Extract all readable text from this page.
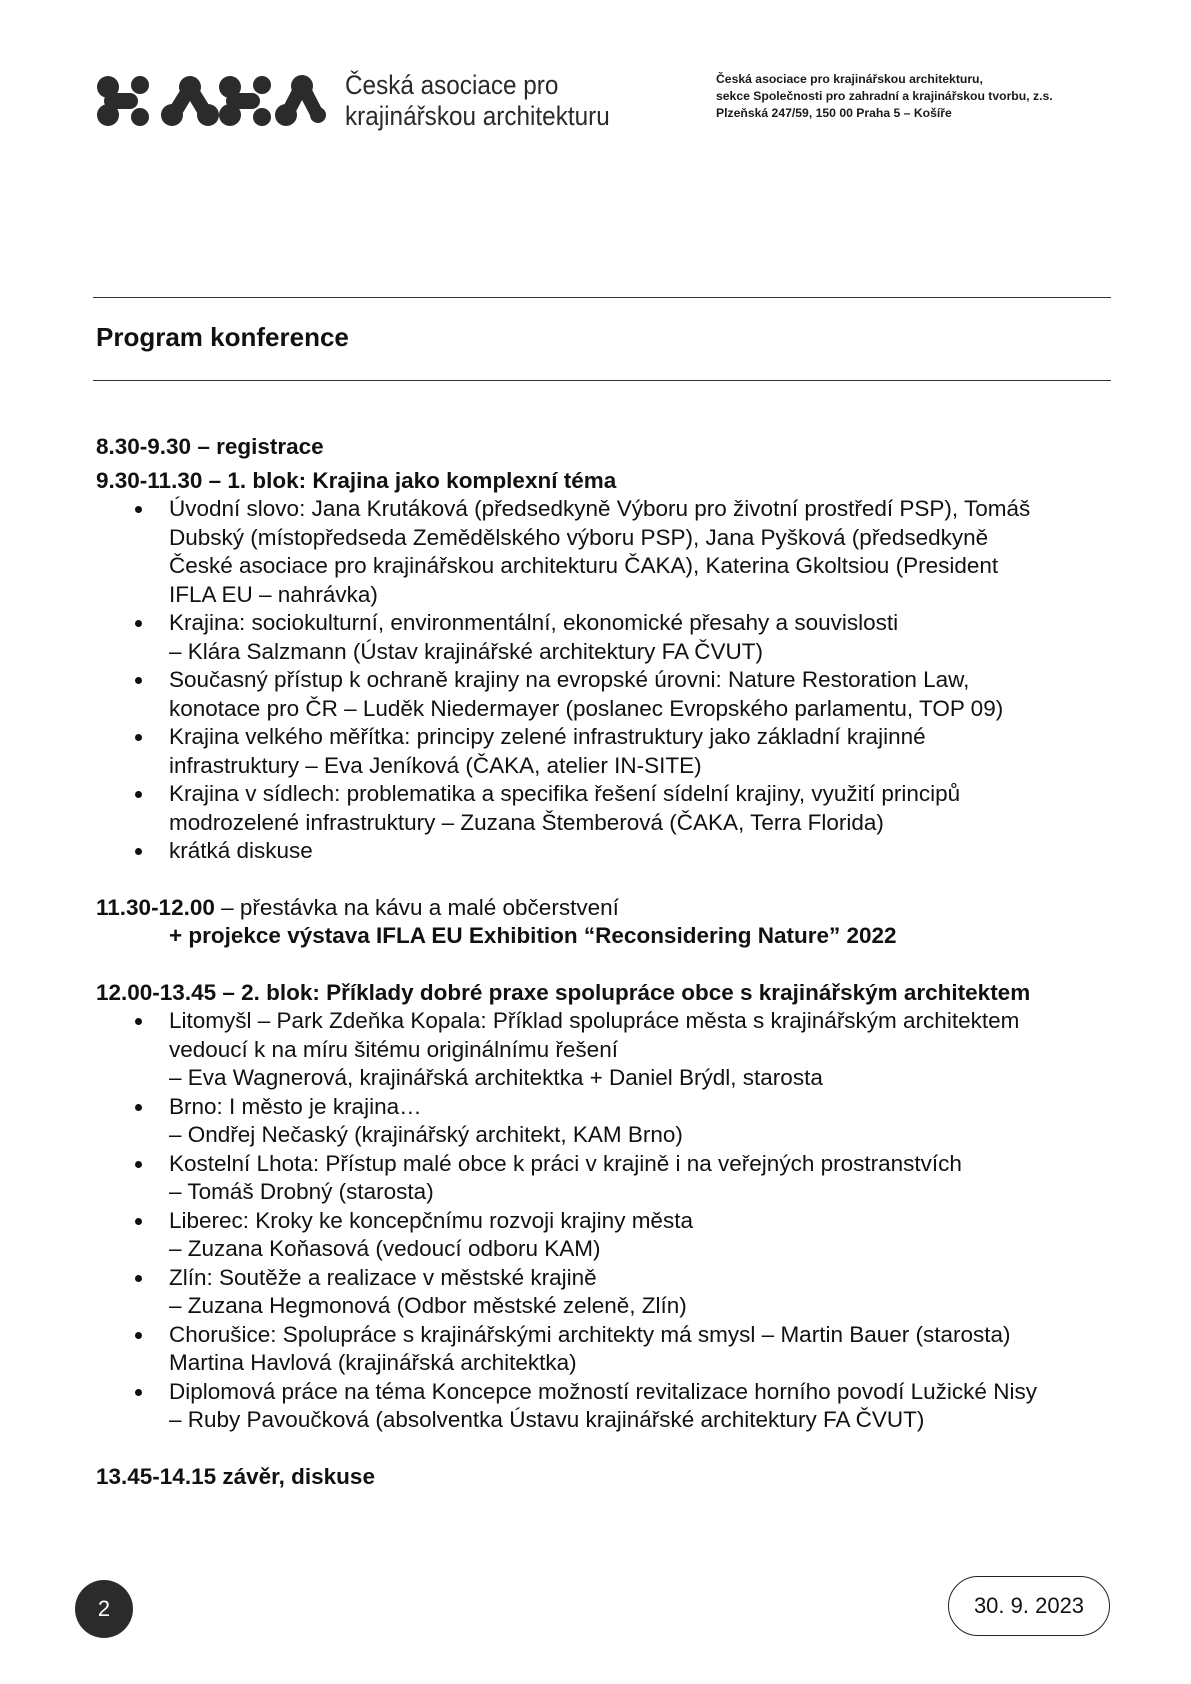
Česká asociace pro
krajinářskou architekturu
Česká asociace pro krajinářskou architekturu,
sekce Společnosti pro zahradní a krajinářskou tvorbu, z.s.
Plzeňská 247/59, 150 00 Praha 5 – Košíře
Program konference
8.30-9.30 – registrace
9.30-11.30 – 1. blok: Krajina jako komplexní téma
Úvodní slovo: Jana Krutáková (předsedkyně Výboru pro životní prostředí PSP), Tomáš
Dubský (místopředseda Zemědělského výboru PSP), Jana Pyšková (předsedkyně
České asociace pro krajinářskou architekturu ČAKA), Katerina Gkoltsiou (President
IFLA EU – nahrávka)
Krajina: sociokulturní, environmentální, ekonomické přesahy a souvislosti
– Klára Salzmann (Ústav krajinářské architektury FA ČVUT)
Současný přístup k ochraně krajiny na evropské úrovni: Nature Restoration Law,
konotace pro ČR – Luděk Niedermayer (poslanec Evropského parlamentu, TOP 09)
Krajina velkého měřítka: principy zelené infrastruktury jako základní krajinné
infrastruktury – Eva Jeníková (ČAKA, atelier IN-SITE)
Krajina v sídlech: problematika a specifika řešení sídelní krajiny, využití principů
modrozelené infrastruktury – Zuzana Štemberová (ČAKA, Terra Florida)
krátká diskuse
11.30-12.00 – přestávka na kávu a malé občerstvení
+ projekce výstava IFLA EU Exhibition “Reconsidering Nature” 2022
12.00-13.45 – 2. blok: Příklady dobré praxe spolupráce obce s krajinářským architektem
Litomyšl – Park Zdeňka Kopala: Příklad spolupráce města s krajinářským architektem
vedoucí k na míru šitému originálnímu řešení
– Eva Wagnerová, krajinářská architektka + Daniel Brýdl, starosta
Brno: I město je krajina…
– Ondřej Nečaský (krajinářský architekt, KAM Brno)
Kostelní Lhota: Přístup malé obce k práci v krajině i na veřejných prostranstvích
– Tomáš Drobný (starosta)
Liberec: Kroky ke koncepčnímu rozvoji krajiny města
– Zuzana Koňasová (vedoucí odboru KAM)
Zlín: Soutěže a realizace v městské krajině
– Zuzana Hegmonová (Odbor městské zeleně, Zlín)
Chorušice: Spolupráce s krajinářskými architekty má smysl – Martin Bauer (starosta)
Martina Havlová (krajinářská architektka)
Diplomová práce na téma Koncepce možností revitalizace horního povodí Lužické Nisy
– Ruby Pavoučková (absolventka Ústavu krajinářské architektury FA ČVUT)
13.45-14.15 závěr, diskuse
2	30. 9. 2023
